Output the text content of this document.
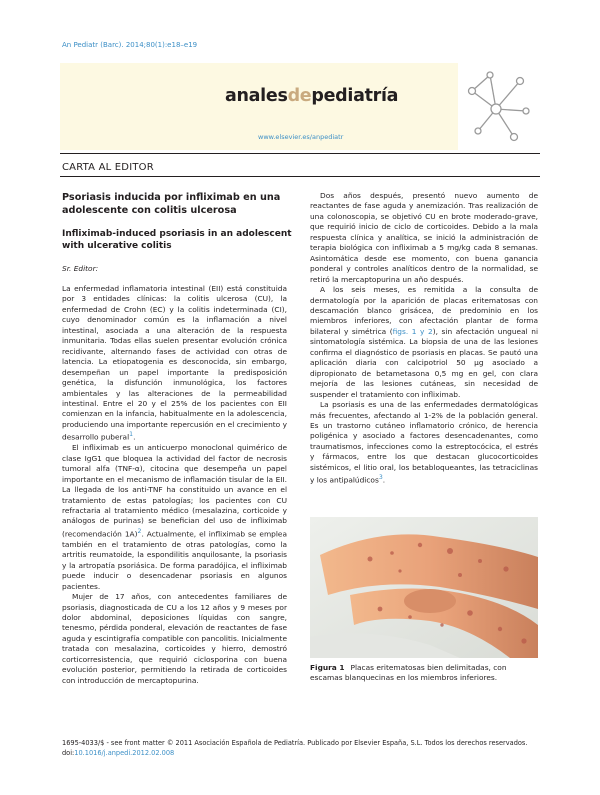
An Pediatr (Barc). 2014;80(1):e18–e19
analesdepediatría
www.elsevier.es/anpediatr
CARTA AL EDITOR
Psoriasis inducida por infliximab en una adolescente con colitis ulcerosa
Infliximab-induced psoriasis in an adolescent with ulcerative colitis
Sr. Editor:

La enfermedad inflamatoria intestinal (EII) está constituida por 3 entidades clínicas: la colitis ulcerosa (CU), la enfermedad de Crohn (EC) y la colitis indeterminada (CI), cuyo denominador común es la inflamación a nivel intestinal, asociada a una alteración de la respuesta inmunitaria. Todas ellas suelen presentar evolución crónica recidivante, alternando fases de actividad con otras de latencia. La etiopatogenia es desconocida, sin embargo, desempeñan un papel importante la predisposición genética, la disfunción inmunológica, los factores ambientales y las alteraciones de la permeabilidad intestinal. Entre el 20 y el 25% de los pacientes con EII comienzan en la infancia, habitualmente en la adolescencia, produciendo una importante repercusión en el crecimiento y desarrollo puberal$^1$.

El infliximab es un anticuerpo monoclonal quimérico de clase IgG1 que bloquea la actividad del factor de necrosis tumoral alfa (TNF-α), citocina que desempeña un papel importante en el mecanismo de inflamación tisular de la EII. La llegada de los anti-TNF ha constituido un avance en el tratamiento de estas patologías; los pacientes con CU refractaria al tratamiento médico (mesalazina, corticoide y análogos de purinas) se benefician del uso de infliximab (recomendación 1A)$^2$. Actualmente, el infliximab se emplea también en el tratamiento de otras patologías, como la artritis reumatoide, la espondilitis anquilosante, la psoriasis y la artropatía psoriásica. De forma paradójica, el infliximab puede inducir o desencadenar psoriasis en algunos pacientes.

Mujer de 17 años, con antecedentes familiares de psoriasis, diagnosticada de CU a los 12 años y 9 meses por dolor abdominal, deposiciones líquidas con sangre, tenesmo, pérdida ponderal, elevación de reactantes de fase aguda y escintigrafía compatible con pancolitis. Inicialmente tratada con mesalazina, corticoides y hierro, demostró corticorresistencia, que requirió ciclosporina con buena evolución posterior, permitiendo la retirada de corticoides con introducción de mercaptopurina.

Dos años después, presentó nuevo aumento de reactantes de fase aguda y anemización. Tras realización de una colonoscopia, se objetivó CU en brote moderado-grave, que requirió inicio de ciclo de corticoides. Debido a la mala respuesta clínica y analítica, se inició la administración de terapia biológica con infliximab a 5 mg/kg cada 8 semanas. Asintomática desde ese momento, con buena ganancia ponderal y controles analíticos dentro de la normalidad, se retiró la mercaptopurina un año después.

A los seis meses, es remitida a la consulta de dermatología por la aparición de placas eritematosas con descamación blanco grisácea, de predominio en los miembros inferiores, con afectación plantar de forma bilateral y simétrica (figs. 1 y 2), sin afectación ungueal ni sintomatología sistémica. La biopsia de una de las lesiones confirma el diagnóstico de psoriasis en placas. Se pautó una aplicación diaria con calcipotriol 50 μg asociado a dipropionato de betametasona 0,5 mg en gel, con clara mejoría de las lesiones cutáneas, sin necesidad de suspender el tratamiento con infliximab.

La psoriasis es una de las enfermedades dermatológicas más frecuentes, afectando al 1-2% de la población general. Es un trastorno cutáneo inflamatorio crónico, de herencia poligénica y asociado a factores desencadenantes, como traumatismos, infecciones como la estreptocócica, el estrés y fármacos, entre los que destacan glucocorticoides sistémicos, el litio oral, los betabloqueantes, las tetraciclinas y los antipalúdicos$^3$.

Figura 1 Placas eritematosas bien delimitadas, con escamas blanquecinas en los miembros inferiores.
1695-4033/$ - see front matter © 2011 Asociación Española de Pediatría. Publicado por Elsevier España, S.L. Todos los derechos reservados.
doi:10.1016/j.anpedi.2012.02.008
